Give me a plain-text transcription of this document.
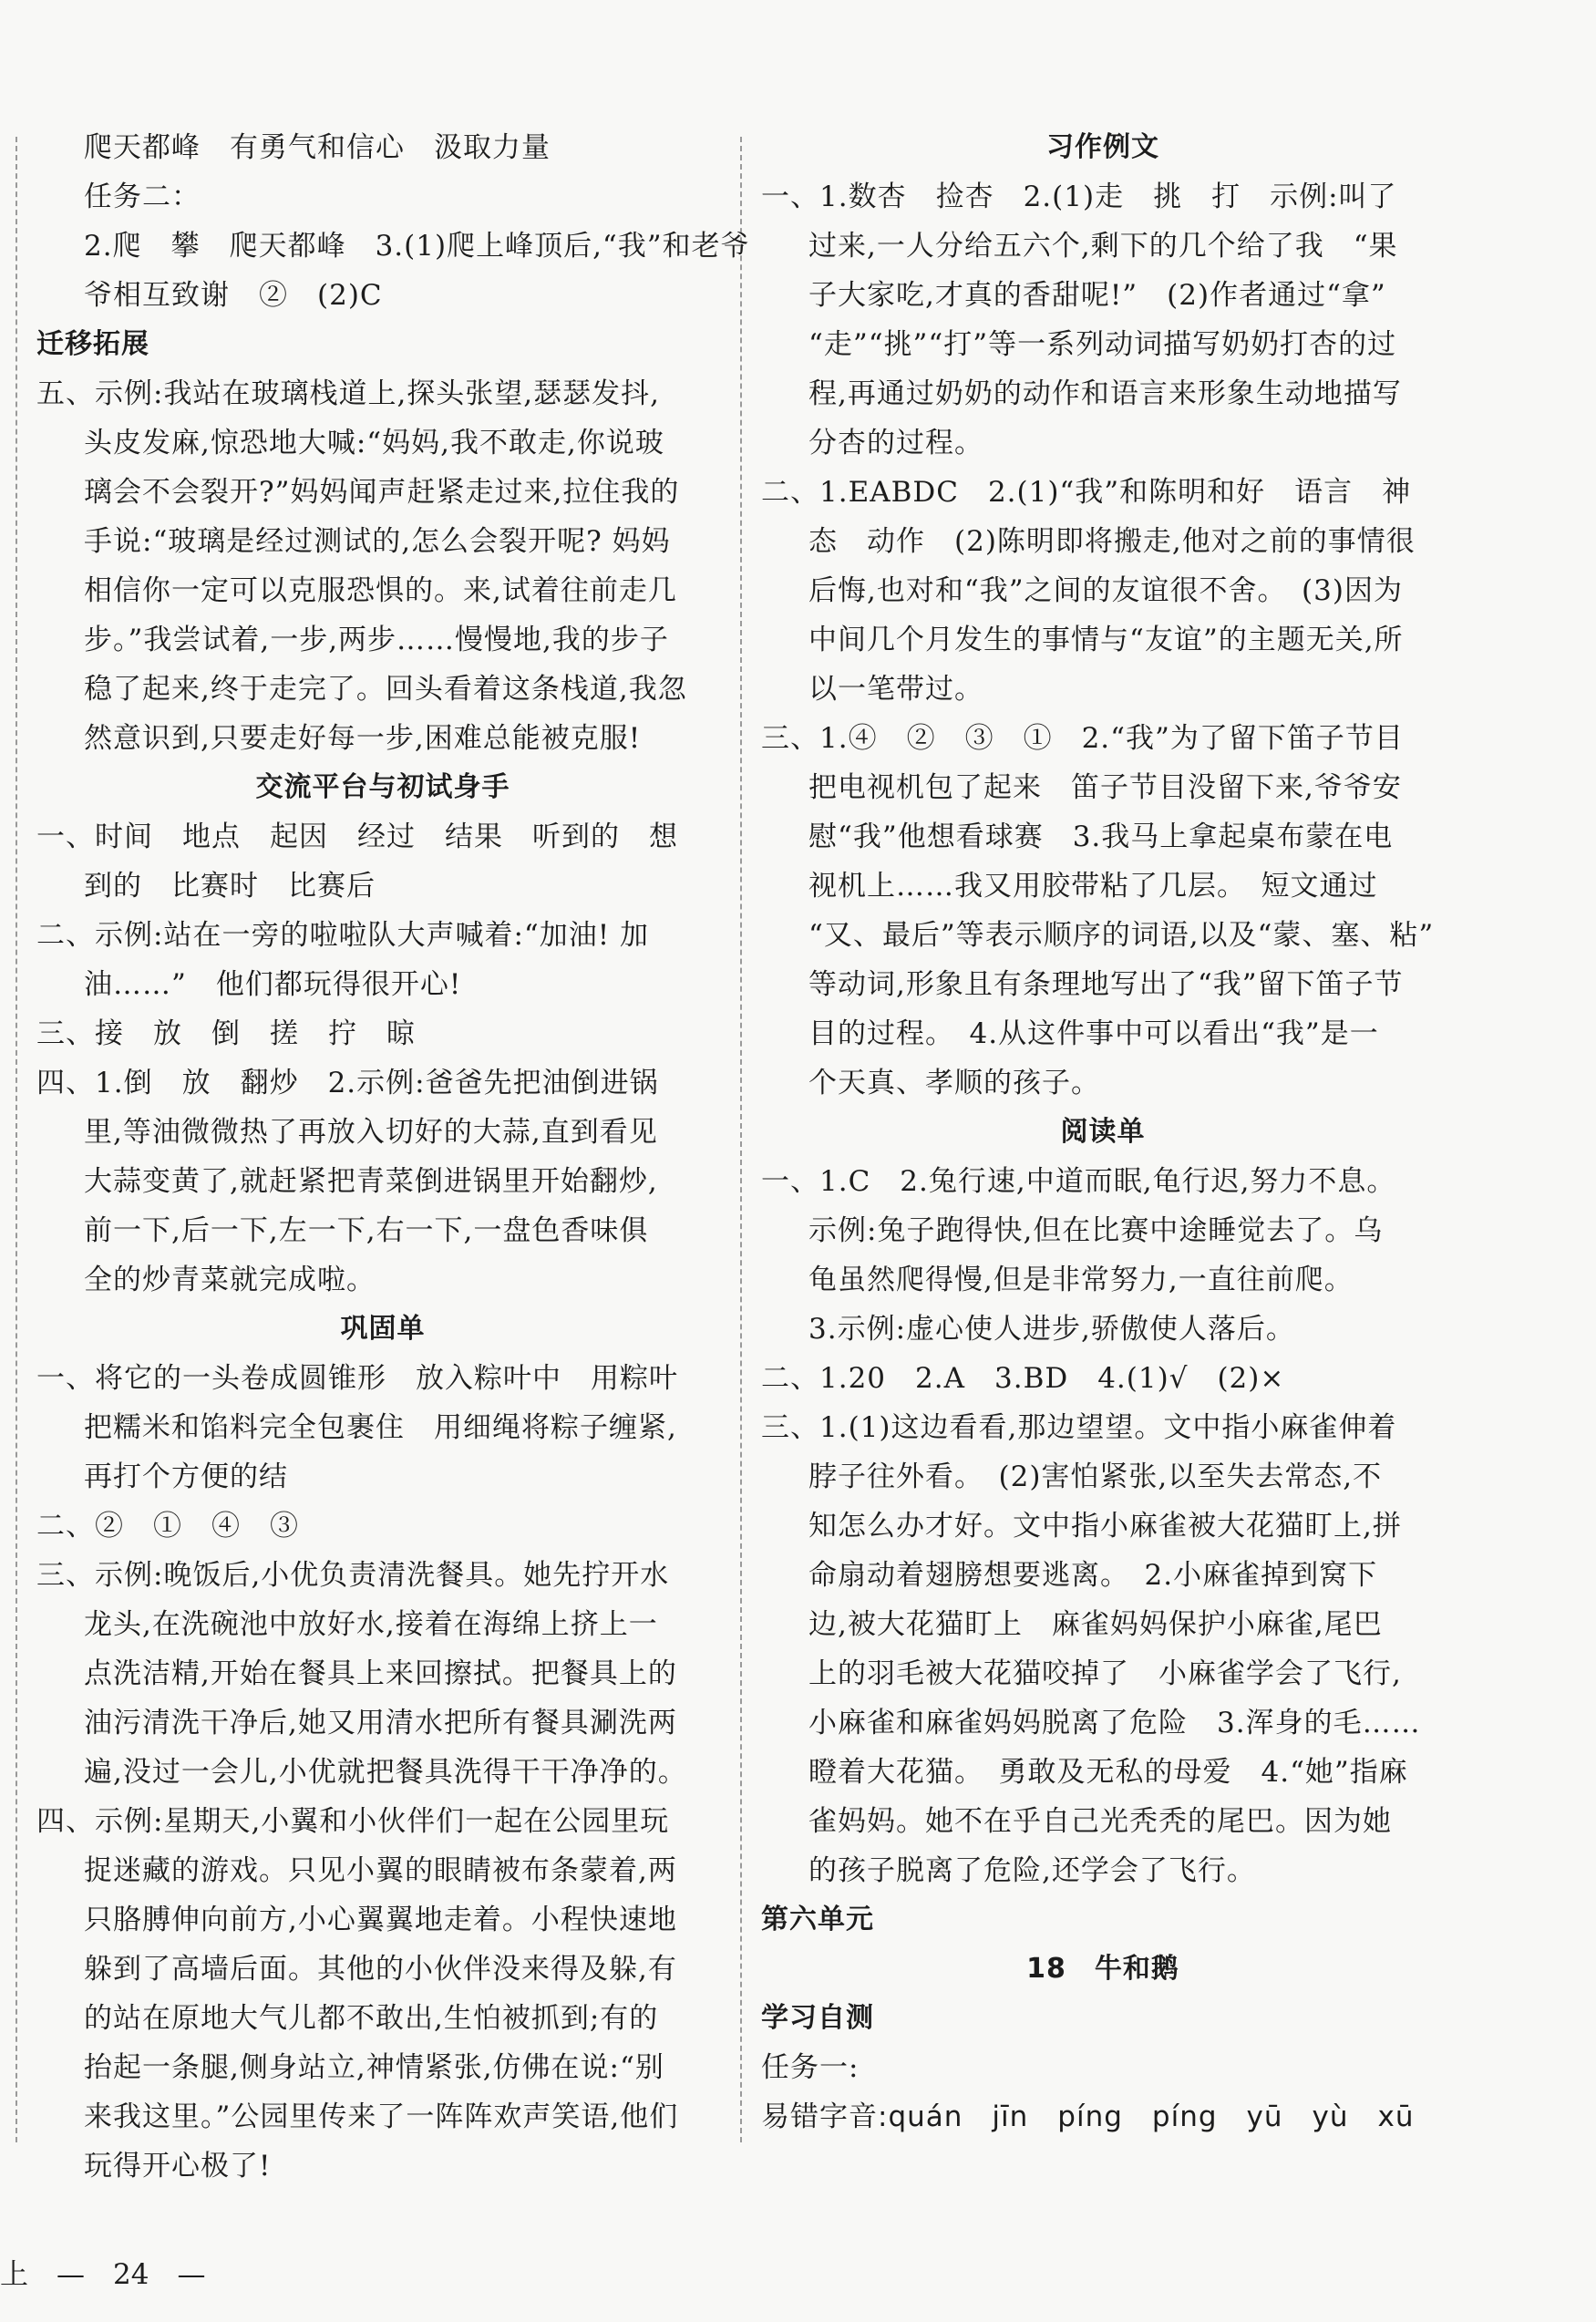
爬天都峰　有勇气和信心　汲取力量
任务二：
2.爬　攀　爬天都峰　3.(1)爬上峰顶后,“我”和老爷
爷相互致谢　②　(2)C
迁移拓展
五、示例:我站在玻璃栈道上,探头张望,瑟瑟发抖,
头皮发麻,惊恐地大喊:“妈妈,我不敢走,你说玻
璃会不会裂开?”妈妈闻声赶紧走过来,拉住我的
手说:“玻璃是经过测试的,怎么会裂开呢? 妈妈
相信你一定可以克服恐惧的。来,试着往前走几
步。”我尝试着,一步,两步……慢慢地,我的步子
稳了起来,终于走完了。回头看着这条栈道,我忽
然意识到,只要走好每一步,困难总能被克服!
交流平台与初试身手
一、时间　地点　起因　经过　结果　听到的　想
到的　比赛时　比赛后
二、示例:站在一旁的啦啦队大声喊着:“加油! 加
油……”　他们都玩得很开心!
三、接　放　倒　搓　拧　晾
四、1.倒　放　翻炒　2.示例:爸爸先把油倒进锅
里,等油微微热了再放入切好的大蒜,直到看见
大蒜变黄了,就赶紧把青菜倒进锅里开始翻炒,
前一下,后一下,左一下,右一下,一盘色香味俱
全的炒青菜就完成啦。
巩固单
一、将它的一头卷成圆锥形　放入粽叶中　用粽叶
把糯米和馅料完全包裹住　用细绳将粽子缠紧,
再打个方便的结
二、②　①　④　③
三、示例:晚饭后,小优负责清洗餐具。她先拧开水
龙头,在洗碗池中放好水,接着在海绵上挤上一
点洗洁精,开始在餐具上来回擦拭。把餐具上的
油污清洗干净后,她又用清水把所有餐具涮洗两
遍,没过一会儿,小优就把餐具洗得干干净净的。
四、示例:星期天,小翼和小伙伴们一起在公园里玩
捉迷藏的游戏。只见小翼的眼睛被布条蒙着,两
只胳膊伸向前方,小心翼翼地走着。小程快速地
躲到了高墙后面。其他的小伙伴没来得及躲,有
的站在原地大气儿都不敢出,生怕被抓到;有的
抬起一条腿,侧身站立,神情紧张,仿佛在说:“别
来我这里。”公园里传来了一阵阵欢声笑语,他们
玩得开心极了!
习作例文
一、1.数杏　捡杏　2.(1)走　挑　打　示例:叫了
过来,一人分给五六个,剩下的几个给了我　“果
子大家吃,才真的香甜呢!”　(2)作者通过“拿”
“走”“挑”“打”等一系列动词描写奶奶打杏的过
程,再通过奶奶的动作和语言来形象生动地描写
分杏的过程。
二、1.EABDC　2.(1)“我”和陈明和好　语言　神
态　动作　(2)陈明即将搬走,他对之前的事情很
后悔,也对和“我”之间的友谊很不舍。　(3)因为
中间几个月发生的事情与“友谊”的主题无关,所
以一笔带过。
三、1.④　②　③　①　2.“我”为了留下笛子节目
把电视机包了起来　笛子节目没留下来,爷爷安
慰“我”他想看球赛　3.我马上拿起桌布蒙在电
视机上……我又用胶带粘了几层。　短文通过
“又、最后”等表示顺序的词语,以及“蒙、塞、粘”
等动词,形象且有条理地写出了“我”留下笛子节
目的过程。　4.从这件事中可以看出“我”是一
个天真、孝顺的孩子。
阅读单
一、1.C　2.兔行速,中道而眠,龟行迟,努力不息。
示例:兔子跑得快,但在比赛中途睡觉去了。乌
龟虽然爬得慢,但是非常努力,一直往前爬。
3.示例:虚心使人进步,骄傲使人落后。
二、1.20　2.A　3.BD　4.(1)√　(2)×
三、1.(1)这边看看,那边望望。文中指小麻雀伸着
脖子往外看。　(2)害怕紧张,以至失去常态,不
知怎么办才好。文中指小麻雀被大花猫盯上,拼
命扇动着翅膀想要逃离。　2.小麻雀掉到窝下
边,被大花猫盯上　麻雀妈妈保护小麻雀,尾巴
上的羽毛被大花猫咬掉了　小麻雀学会了飞行,
小麻雀和麻雀妈妈脱离了危险　3.浑身的毛……
瞪着大花猫。　勇敢及无私的母爱　4.“她”指麻
雀妈妈。她不在乎自己光秃秃的尾巴。因为她
的孩子脱离了危险,还学会了飞行。
第六单元
18　牛和鹅
学习自测
任务一:
易错字音:quán　jīn　píng　píng　yū　yù　xū
上　—　24　—
